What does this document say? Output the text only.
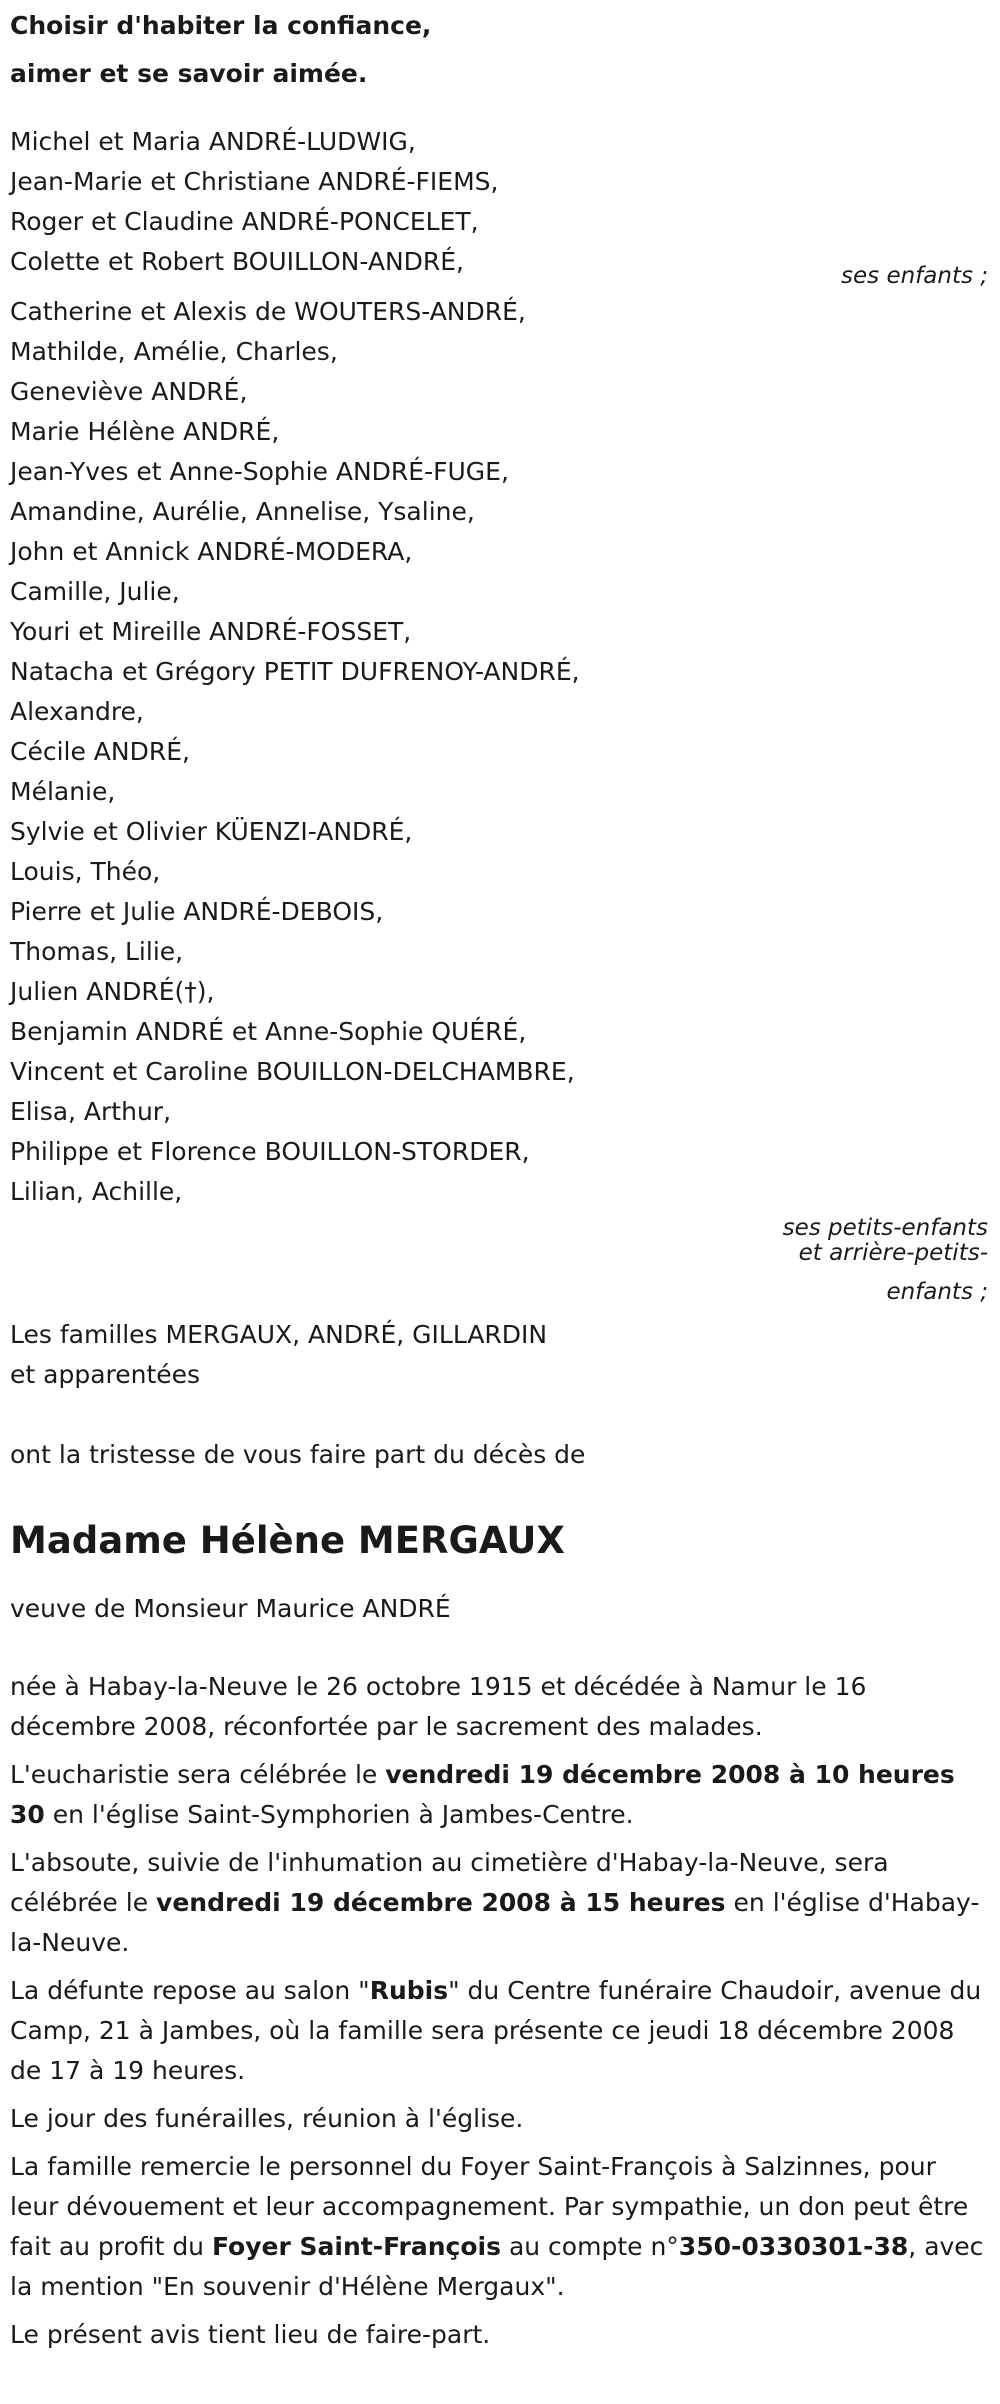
Choisir d'habiter la confiance,
aimer et se savoir aimée.
Michel et Maria ANDRÉ-LUDWIG,
Jean-Marie et Christiane ANDRÉ-FIEMS,
Roger et Claudine ANDRÉ-PONCELET,
Colette et Robert BOUILLON-ANDRÉ,	ses enfants ;
Catherine et Alexis de WOUTERS-ANDRÉ,
Mathilde, Amélie, Charles,
Geneviève ANDRÉ,
Marie Hélène ANDRÉ,
Jean-Yves et Anne-Sophie ANDRÉ-FUGE,
Amandine, Aurélie, Annelise, Ysaline,
John et Annick ANDRÉ-MODERA,
Camille, Julie,
Youri et Mireille ANDRÉ-FOSSET,
Natacha et Grégory PETIT DUFRENOY-ANDRÉ,
Alexandre,
Cécile ANDRÉ,
Mélanie,
Sylvie et Olivier KÜENZI-ANDRÉ,
Louis, Théo,
Pierre et Julie ANDRÉ-DEBOIS,
Thomas, Lilie,
Julien ANDRÉ(†),
Benjamin ANDRÉ et Anne-Sophie QUÉRÉ,
Vincent et Caroline BOUILLON-DELCHAMBRE,
Elisa, Arthur,
Philippe et Florence BOUILLON-STORDER,
Lilian, Achille,
ses petits-enfants
et arrière-petits-
enfants ;
Les familles MERGAUX, ANDRÉ, GILLARDIN
et apparentées
ont la tristesse de vous faire part du décès de
Madame Hélène MERGAUX
veuve de Monsieur Maurice ANDRÉ

née à Habay-la-Neuve le 26 octobre 1915 et décédée à Namur le 16 décembre 2008, réconfortée par le sacrement des malades.

L'eucharistie sera célébrée le vendredi 19 décembre 2008 à 10 heures 30 en l'église Saint-Symphorien à Jambes-Centre.

L'absoute, suivie de l'inhumation au cimetière d'Habay-la-Neuve, sera célébrée le vendredi 19 décembre 2008 à 15 heures en l'église d'Habay-la-Neuve.

La défunte repose au salon "Rubis" du Centre funéraire Chaudoir, avenue du Camp, 21 à Jambes, où la famille sera présente ce jeudi 18 décembre 2008 de 17 à 19 heures.

Le jour des funérailles, réunion à l'église.

La famille remercie le personnel du Foyer Saint-François à Salzinnes, pour leur dévouement et leur accompagnement. Par sympathie, un don peut être fait au profit du Foyer Saint-François au compte n°350-0330301-38, avec la mention "En souvenir d'Hélène Mergaux".

Le présent avis tient lieu de faire-part.
